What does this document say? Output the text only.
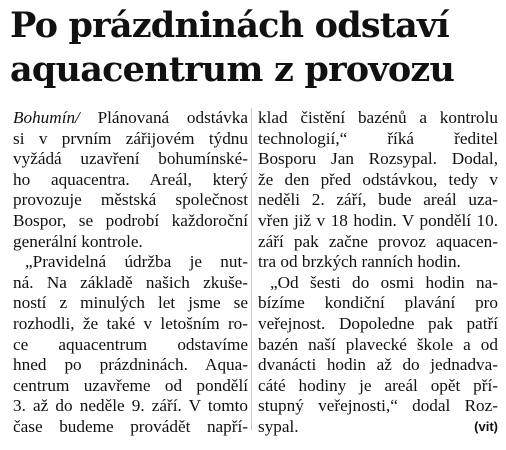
Po prázdninách odstaví
aquacentrum z provozu
Bohumín/ Plánovaná odstávka
si v prvním zářijovém týdnu
vyžádá uzavření bohumínské-
ho aquacentra. Areál, který
provozuje městská společnost
Bospor, se podrobí každoroční
generální kontrole.
„Pravidelná údržba je nut-
ná. Na základě našich zkuše-
ností z minulých let jsme se
rozhodli, že také v letošním ro-
ce aquacentrum odstavíme
hned po prázdninách. Aqua-
centrum uzavřeme od pondělí
3. až do neděle 9. září. V tomto
čase budeme provádět napří-
klad čistění bazénů a kontrolu
technologií,“ říká ředitel
Bosporu Jan Rozsypal. Dodal,
že den před odstávkou, tedy v
neděli 2. září, bude areál uza-
vřen již v 18 hodin. V pondělí 10.
září pak začne provoz aquacen-
tra od brzkých ranních hodin.
„Od šesti do osmi hodin na-
bízíme kondiční plavání pro
veřejnost. Dopoledne pak patří
bazén naší plavecké škole a od
dvanácti hodin až do jednadva-
cáté hodiny je areál opět pří-
stupný veřejnosti,“ dodal Roz-
sypal.	(vit)
